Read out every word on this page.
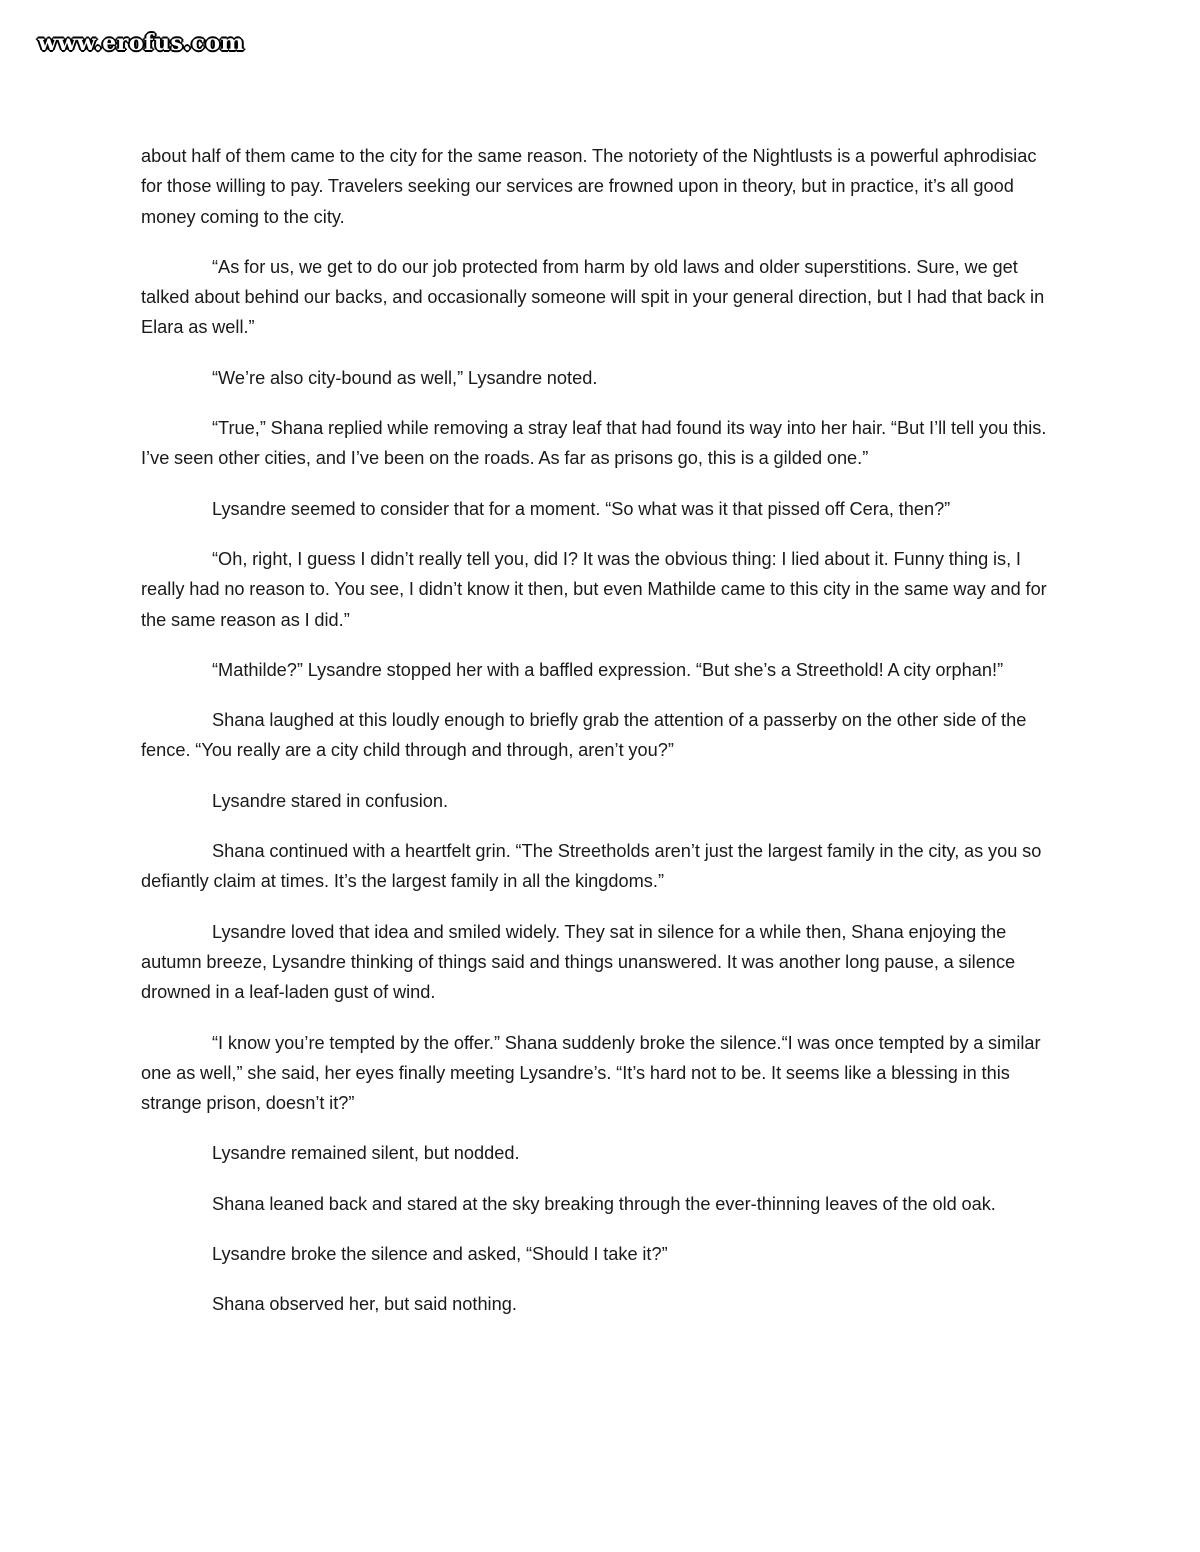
www.erofus.com

about half of them came to the city for the same reason. The notoriety of the Nightlusts is a powerful aphrodisiac for those willing to pay. Travelers seeking our services are frowned upon in theory, but in practice, it’s all good money coming to the city.

“As for us, we get to do our job protected from harm by old laws and older superstitions. Sure, we get talked about behind our backs, and occasionally someone will spit in your general direction, but I had that back in Elara as well.”

“We’re also city-bound as well,” Lysandre noted.

“True,” Shana replied while removing a stray leaf that had found its way into her hair. “But I’ll tell you this. I’ve seen other cities, and I’ve been on the roads. As far as prisons go, this is a gilded one.”

Lysandre seemed to consider that for a moment. “So what was it that pissed off Cera, then?”

“Oh, right, I guess I didn’t really tell you, did I? It was the obvious thing: I lied about it. Funny thing is, I really had no reason to. You see, I didn’t know it then, but even Mathilde came to this city in the same way and for the same reason as I did.”

“Mathilde?” Lysandre stopped her with a baffled expression. “But she’s a Streethold! A city orphan!”

Shana laughed at this loudly enough to briefly grab the attention of a passerby on the other side of the fence. “You really are a city child through and through, aren’t you?”

Lysandre stared in confusion.

Shana continued with a heartfelt grin. “The Streetholds aren’t just the largest family in the city, as you so defiantly claim at times. It’s the largest family in all the kingdoms.”

Lysandre loved that idea and smiled widely. They sat in silence for a while then, Shana enjoying the autumn breeze, Lysandre thinking of things said and things unanswered. It was another long pause, a silence drowned in a leaf-laden gust of wind.

“I know you’re tempted by the offer.” Shana suddenly broke the silence.“I was once tempted by a similar one as well,” she said, her eyes finally meeting Lysandre’s. “It’s hard not to be. It seems like a blessing in this strange prison, doesn’t it?”

Lysandre remained silent, but nodded.

Shana leaned back and stared at the sky breaking through the ever-thinning leaves of the old oak.

Lysandre broke the silence and asked, “Should I take it?”

Shana observed her, but said nothing.
